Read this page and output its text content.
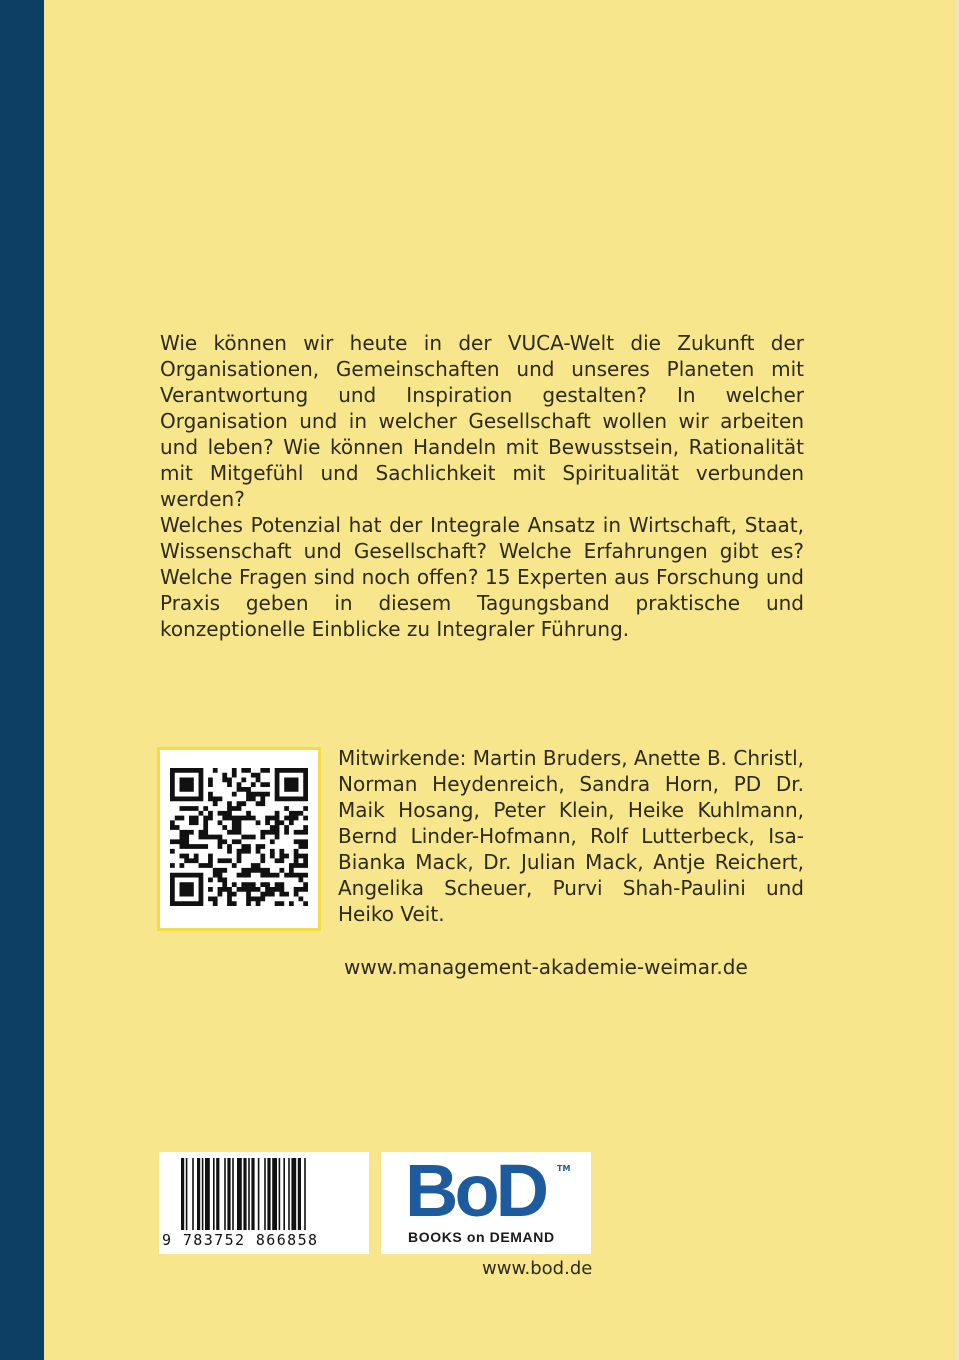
Wie können wir heute in der VUCA-Welt die Zukunft der Organisationen, Gemeinschaften und unseres Planeten mit Verantwortung und Inspiration gestalten? In welcher Organisation und in welcher Gesellschaft wollen wir arbeiten und leben? Wie können Handeln mit Bewusstsein, Rationalität mit Mitgefühl und Sachlichkeit mit Spiritualität verbunden werden?
Welches Potenzial hat der Integrale Ansatz in Wirtschaft, Staat, Wissenschaft und Gesellschaft? Welche Erfahrungen gibt es? Welche Fragen sind noch offen? 15 Experten aus Forschung und Praxis geben in diesem Tagungsband praktische und konzeptionelle Einblicke zu Integraler Führung.

Mitwirkende: Martin Bruders, Anette B. Christl, Norman Heydenreich, Sandra Horn, PD Dr. Maik Hosang, Peter Klein, Heike Kuhlmann, Bernd Linder-Hofmann, Rolf Lutterbeck, Isa-Bianka Mack, Dr. Julian Mack, Antje Reichert, Angelika Scheuer, Purvi Shah-Paulini und Heiko Veit.

www.management-akademie-weimar.de
9 783752 866858
BoD TM
BOOKS on DEMAND
www.bod.de
